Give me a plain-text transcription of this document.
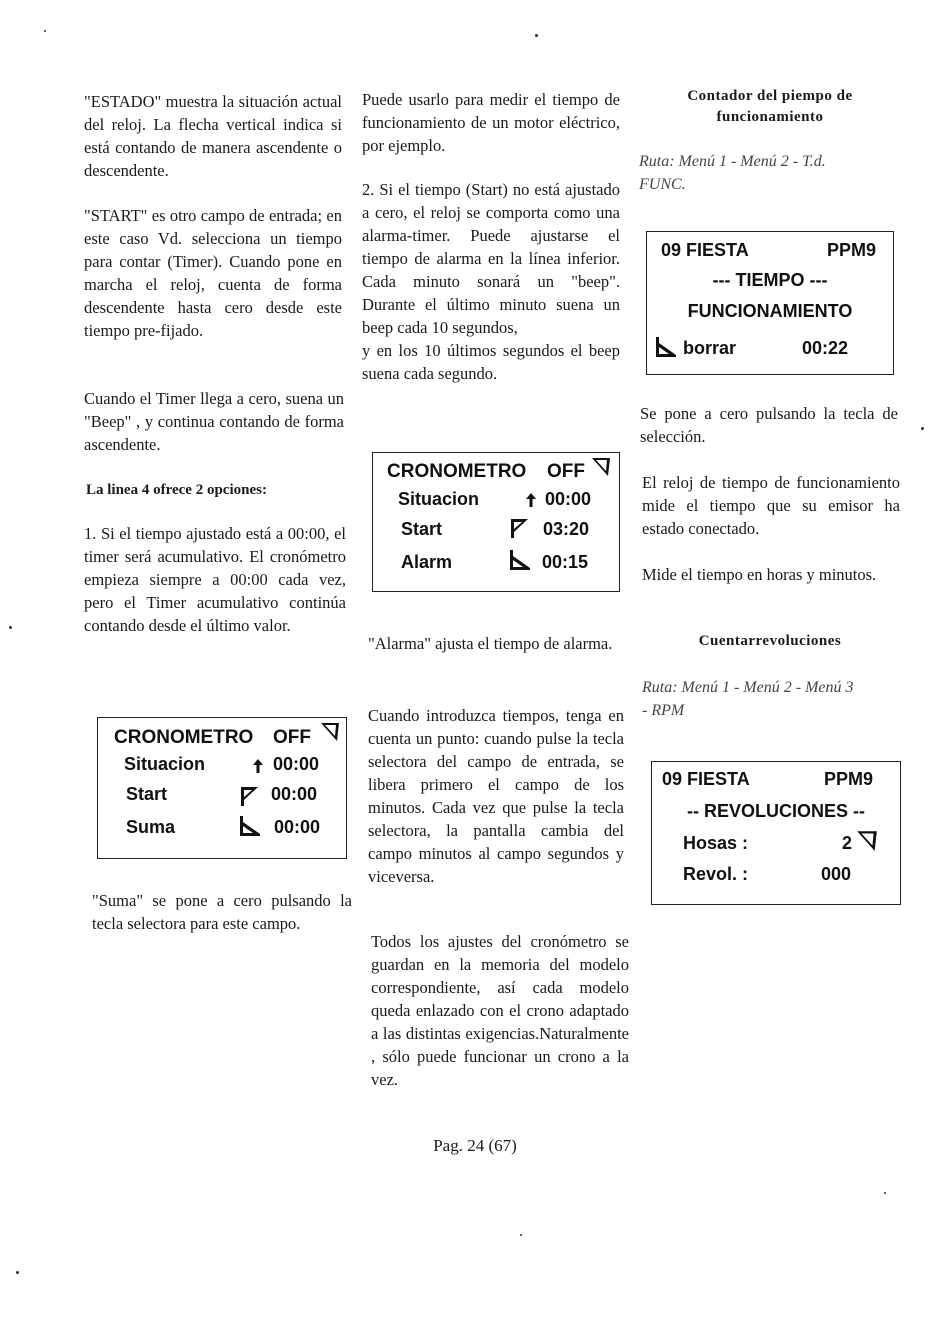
"ESTADO" muestra la situación actual del reloj. La flecha vertical indica si está contando de manera ascendente o descendente.

"START" es otro campo de entrada; en este caso Vd. selecciona un tiempo para contar (Timer). Cuando pone en marcha el reloj, cuenta de forma descendente hasta cero desde este tiempo pre-fijado.

Cuando el Timer llega a cero, suena un "Beep" , y continua contando de forma ascendente.

La linea 4 ofrece 2 opciones:

1. Si el tiempo ajustado está a 00:00, el timer será acumulativo. El cronómetro empieza siempre a 00:00 cada vez, pero el Timer acumulativo continúa contando desde el último valor.

CRONOMETRO OFF
Situacion	00:00
Start	00:00
Suma	00:00

"Suma" se pone a cero pulsando la tecla selectora para este campo.

Puede usarlo para medir el tiempo de funcionamiento de un motor eléctrico, por ejemplo.

2. Si el tiempo (Start) no está ajustado a cero, el reloj se comporta como una alarma-timer. Puede ajustarse el tiempo de alarma en la línea inferior. Cada minuto sonará un "beep". Durante el último minuto suena un beep cada 10 segundos,
y en los 10 últimos segundos el beep suena cada segundo.

CRONOMETRO OFF
Situacion	00:00
Start	03:20
Alarm	00:15

"Alarma" ajusta el tiempo de alarma.

Cuando introduzca tiempos, tenga en cuenta un punto: cuando pulse la tecla selectora del campo de entrada, se libera primero el campo de los minutos. Cada vez que pulse la tecla selectora, la pantalla cambia del campo minutos al campo segundos y viceversa.

Todos los ajustes del cronómetro se guardan en la memoria del modelo correspondiente, así cada modelo queda enlazado con el crono adaptado a las distintas exigencias.Naturalmente , sólo puede funcionar un crono a la vez.

Contador del piempo de
funcionamiento

Ruta: Menú 1 - Menú 2 - T.d.
FUNC.

09 FIESTA	PPM9
--- TIEMPO ---
FUNCIONAMIENTO
borrar	00:22

Se pone a cero pulsando la tecla de selección.

El reloj de tiempo de funcionamiento mide el tiempo que su emisor ha estado conectado.

Mide el tiempo en horas y minutos.

Cuentarrevoluciones

Ruta: Menú 1 - Menú 2 - Menú 3
- RPM

09 FIESTA	PPM9
-- REVOLUCIONES --
Hosas :	2
Revol. :	000
Pag. 24 (67)
